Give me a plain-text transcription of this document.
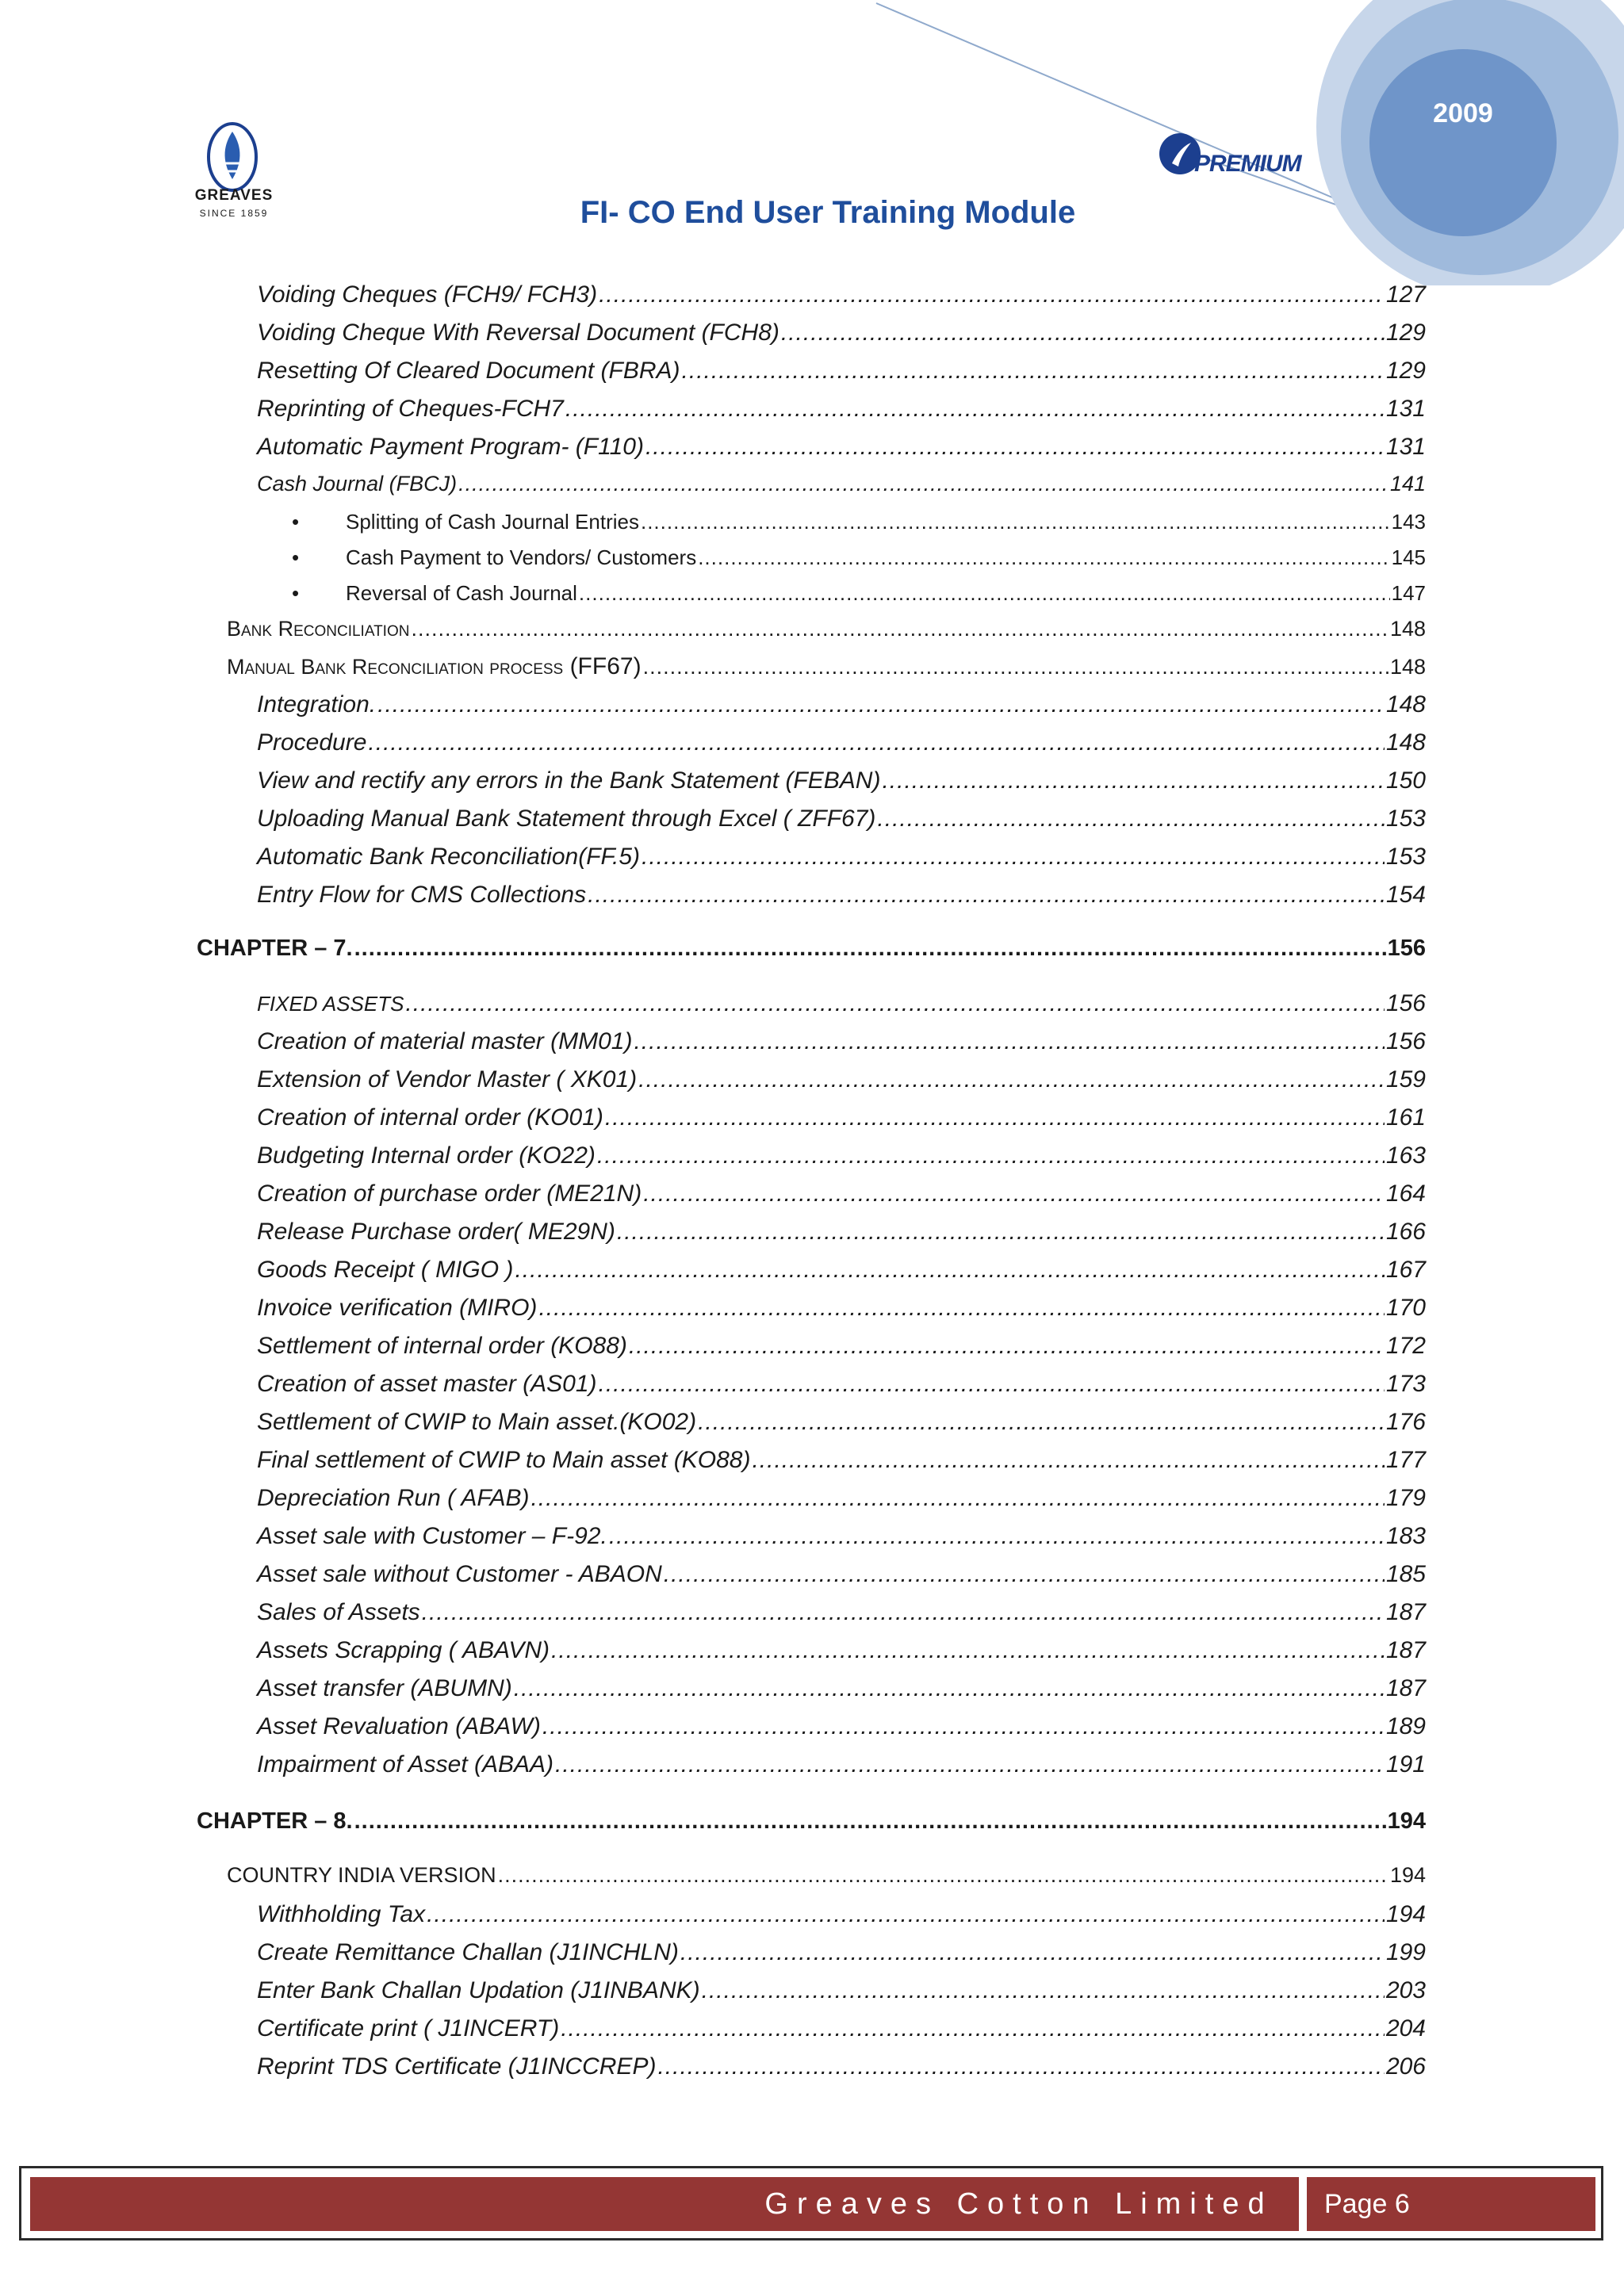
2009
GREAVES
SINCE 1859
PREMIUM
FI- CO End User Training Module
Voiding Cheques (FCH9/ FCH3) .....	127
Voiding Cheque With Reversal Document (FCH8) .....	129
Resetting Of Cleared Document (FBRA) .....	129
Reprinting of Cheques-FCH7 .....	131
Automatic Payment Program- (F110) .....	131
Cash Journal (FBCJ) .....	141
• Splitting of Cash Journal Entries .....	143
• Cash Payment to Vendors/ Customers .....	145
• Reversal of Cash Journal .....	147
Bank Reconciliation .....	148
Manual Bank Reconciliation process (FF67) .....	148
Integration. .....	148
Procedure .....	148
View and rectify any errors in the Bank Statement (FEBAN) .....	150
Uploading Manual Bank Statement through Excel ( ZFF67) .....	153
Automatic Bank Reconciliation(FF.5) .....	153
Entry Flow for CMS Collections .....	154
CHAPTER – 7. .....	156
FIXED ASSETS .....	156
Creation of material master (MM01) .....	156
Extension of Vendor Master ( XK01) .....	159
Creation of internal order (KO01) .....	161
Budgeting Internal order (KO22) .....	163
Creation of purchase order (ME21N) .....	164
Release Purchase order( ME29N) .....	166
Goods Receipt ( MIGO ) .....	167
Invoice verification (MIRO) .....	170
Settlement of internal order (KO88) .....	172
Creation of asset master (AS01) .....	173
Settlement of CWIP to Main asset.(KO02) .....	176
Final settlement of CWIP to Main asset (KO88) .....	177
Depreciation Run ( AFAB) .....	179
Asset sale with Customer – F-92. .....	183
Asset sale without Customer - ABAON .....	185
Sales of Assets .....	187
Assets Scrapping ( ABAVN) .....	187
Asset transfer (ABUMN) .....	187
Asset Revaluation (ABAW) .....	189
Impairment of Asset (ABAA) .....	191
CHAPTER – 8. .....	194
COUNTRY INDIA VERSION .....	194
Withholding Tax .....	194
Create Remittance Challan (J1INCHLN) .....	199
Enter Bank Challan Updation (J1INBANK) .....	203
Certificate print ( J1INCERT) .....	204
Reprint TDS Certificate (J1INCCREP) .....	206
Greaves Cotton Limited Page 6
